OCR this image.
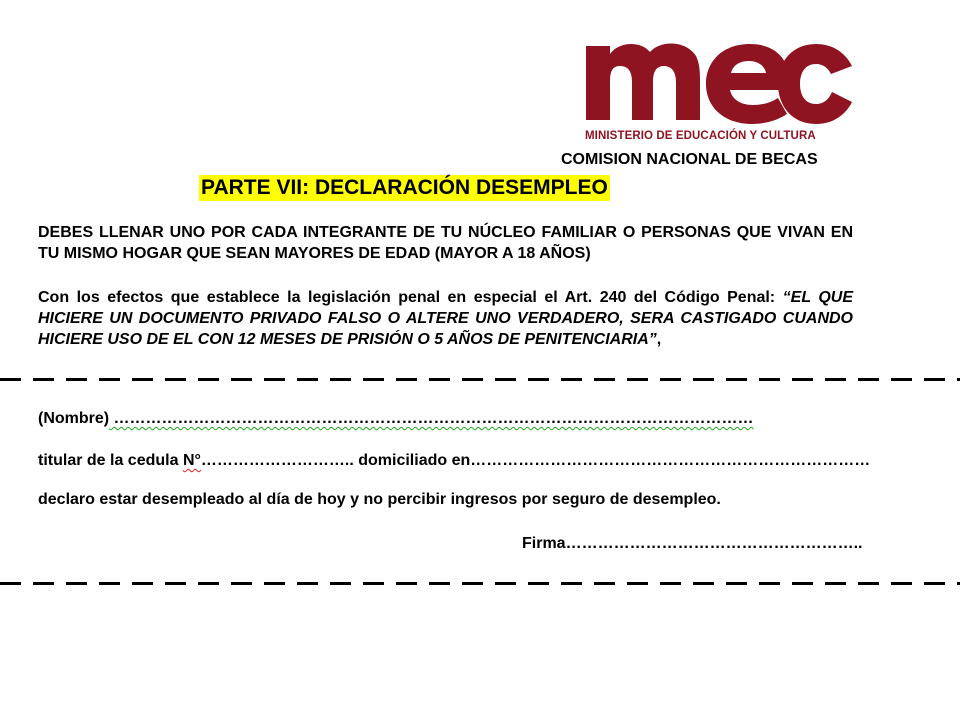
MINISTERIO DE EDUCACIÓN Y CULTURA
COMISION NACIONAL DE BECAS
PARTE VII: DECLARACIÓN DESEMPLEO
DEBES LLENAR UNO POR CADA INTEGRANTE DE TU NÚCLEO FAMILIAR O PERSONAS QUE VIVAN EN TU MISMO HOGAR QUE SEAN MAYORES DE EDAD (MAYOR A 18 AÑOS)
Con los efectos que establece la legislación penal en especial el Art. 240 del Código Penal: “EL QUE HICIERE UN DOCUMENTO PRIVADO FALSO O ALTERE UNO VERDADERO, SERA CASTIGADO CUANDO HICIERE USO DE EL CON 12 MESES DE PRISIÓN O 5 AÑOS DE PENITENCIARIA”,
(Nombre) …………………………………………………………………………………………………………
titular de la cedula N°……………………….. domiciliado en…………………………………………………………………
declaro estar desempleado al día de hoy y no percibir ingresos por seguro de desempleo.
Firma………………………………………………..
